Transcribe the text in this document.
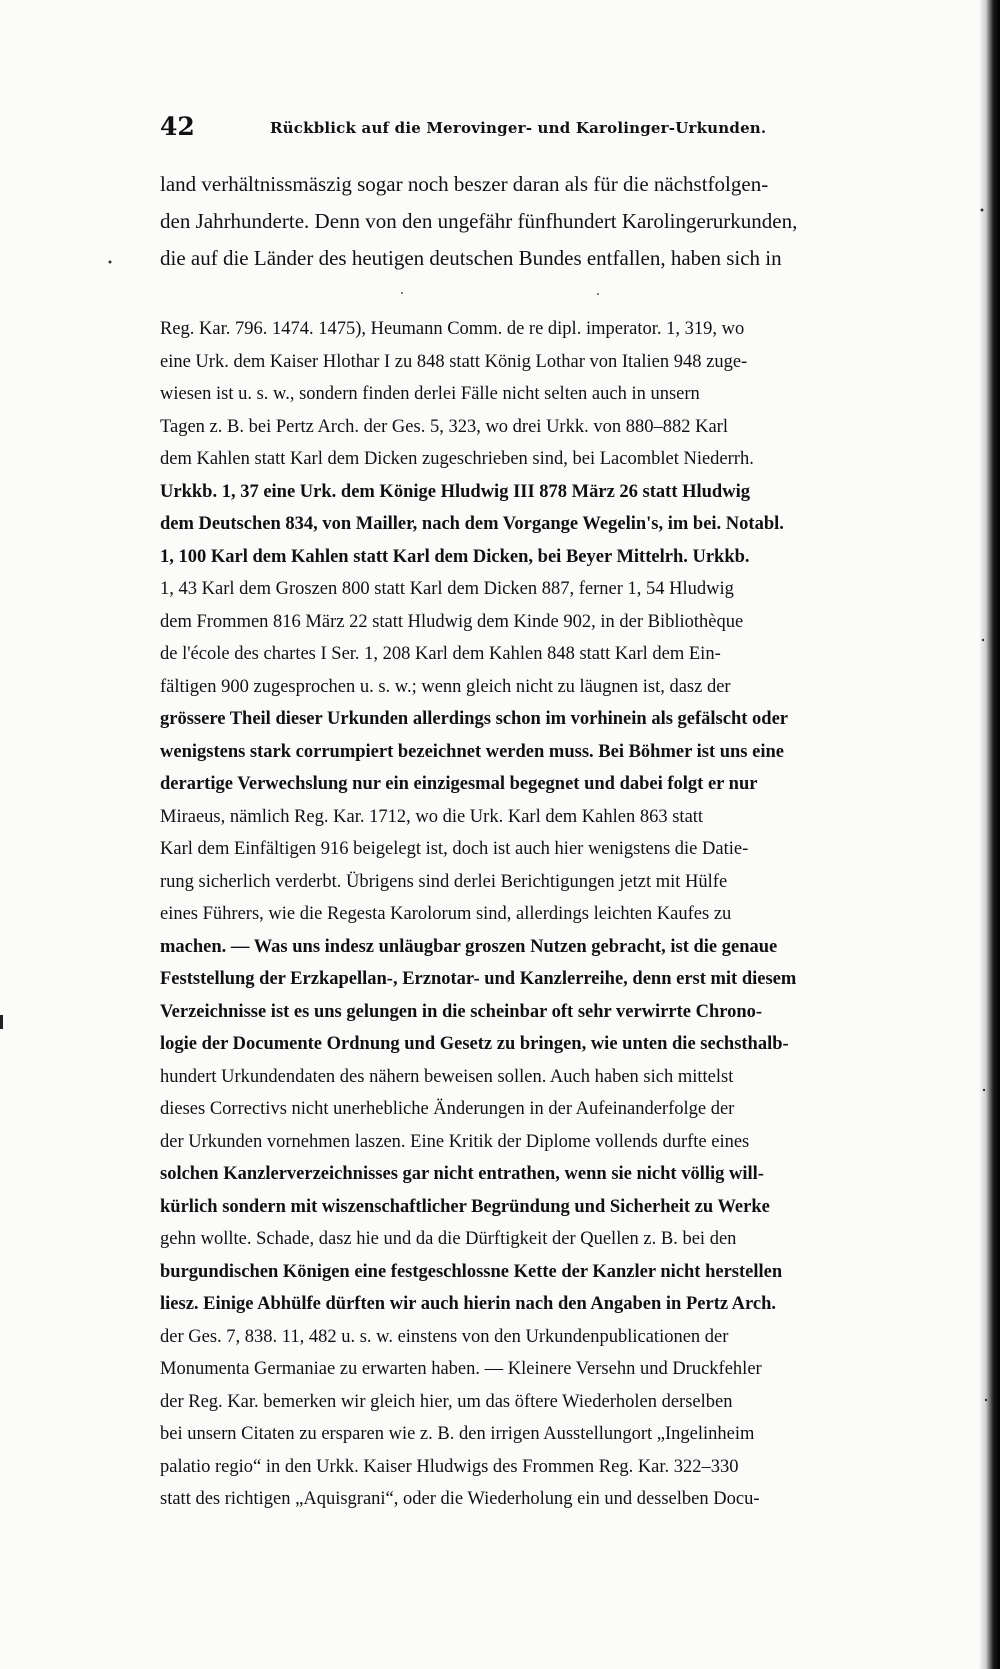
42	Rückblick auf die Merovinger- und Karolinger-Urkunden.
land verhältnissmäszig sogar noch beszer daran als für die nächstfolgen-
den Jahrhunderte. Denn von den ungefähr fünfhundert Karolingerurkunden,
die auf die Länder des heutigen deutschen Bundes entfallen, haben sich in
Reg. Kar. 796. 1474. 1475), Heumann Comm. de re dipl. imperator. 1, 319, wo
eine Urk. dem Kaiser Hlothar I zu 848 statt König Lothar von Italien 948 zuge-
wiesen ist u. s. w., sondern finden derlei Fälle nicht selten auch in unsern
Tagen z. B. bei Pertz Arch. der Ges. 5, 323, wo drei Urkk. von 880–882 Karl
dem Kahlen statt Karl dem Dicken zugeschrieben sind, bei Lacomblet Niederrh.
Urkkb. 1, 37 eine Urk. dem Könige Hludwig III 878 März 26 statt Hludwig
dem Deutschen 834, von Mailler, nach dem Vorgange Wegelin's, im bei. Notabl.
1, 100 Karl dem Kahlen statt Karl dem Dicken, bei Beyer Mittelrh. Urkkb.
1, 43 Karl dem Groszen 800 statt Karl dem Dicken 887, ferner 1, 54 Hludwig
dem Frommen 816 März 22 statt Hludwig dem Kinde 902, in der Bibliothèque
de l'école des chartes I Ser. 1, 208 Karl dem Kahlen 848 statt Karl dem Ein-
fältigen 900 zugesprochen u. s. w.; wenn gleich nicht zu läugnen ist, dasz der
grössere Theil dieser Urkunden allerdings schon im vorhinein als gefälscht oder
wenigstens stark corrumpiert bezeichnet werden muss. Bei Böhmer ist uns eine
derartige Verwechslung nur ein einzigesmal begegnet und dabei folgt er nur
Miraeus, nämlich Reg. Kar. 1712, wo die Urk. Karl dem Kahlen 863 statt
Karl dem Einfältigen 916 beigelegt ist, doch ist auch hier wenigstens die Datie-
rung sicherlich verderbt. Übrigens sind derlei Berichtigungen jetzt mit Hülfe
eines Führers, wie die Regesta Karolorum sind, allerdings leichten Kaufes zu
machen. — Was uns indesz unläugbar groszen Nutzen gebracht, ist die genaue
Feststellung der Erzkapellan-, Erznotar- und Kanzlerreihe, denn erst mit diesem
Verzeichnisse ist es uns gelungen in die scheinbar oft sehr verwirrte Chrono-
logie der Documente Ordnung und Gesetz zu bringen, wie unten die sechsthalb-
hundert Urkundendaten des nähern beweisen sollen. Auch haben sich mittelst
dieses Correctivs nicht unerhebliche Änderungen in der Aufeinanderfolge der
der Urkunden vornehmen laszen. Eine Kritik der Diplome vollends durfte eines
solchen Kanzlerverzeichnisses gar nicht entrathen, wenn sie nicht völlig will-
kürlich sondern mit wiszenschaftlicher Begründung und Sicherheit zu Werke
gehn wollte. Schade, dasz hie und da die Dürftigkeit der Quellen z. B. bei den
burgundischen Königen eine festgeschlossne Kette der Kanzler nicht herstellen
liesz. Einige Abhülfe dürften wir auch hierin nach den Angaben in Pertz Arch.
der Ges. 7, 838. 11, 482 u. s. w. einstens von den Urkundenpublicationen der
Monumenta Germaniae zu erwarten haben. — Kleinere Versehn und Druckfehler
der Reg. Kar. bemerken wir gleich hier, um das öftere Wiederholen derselben
bei unsern Citaten zu ersparen wie z. B. den irrigen Ausstellungort „Ingelinheim
palatio regio“ in den Urkk. Kaiser Hludwigs des Frommen Reg. Kar. 322–330
statt des richtigen „Aquisgrani“, oder die Wiederholung ein und desselben Docu-
